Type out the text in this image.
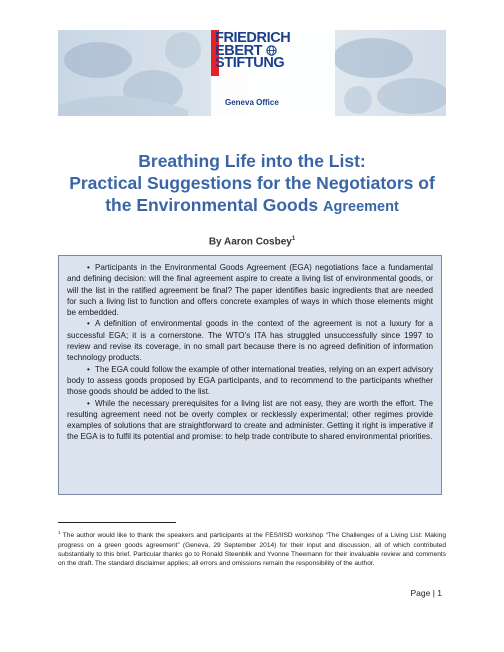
FRIEDRICH
EBERT
STIFTUNG
Geneva Office
Breathing Life into the List:
Practical Suggestions for the Negotiators of
the Environmental Goods Agreement
By Aaron Cosbey$^1$

• Participants in the Environmental Goods Agreement (EGA) negotiations face a fundamental and defining decision: will the final agreement aspire to create a living list of environmental goods, or will the list in the ratified agreement be final? The paper identifies basic ingredients that are needed for such a living list to function and offers concrete examples of ways in which those elements might be embedded.

• A definition of environmental goods in the context of the agreement is not a luxury for a successful EGA; it is a cornerstone. The WTO’s ITA has struggled unsuccessfully since 1997 to review and revise its coverage, in no small part because there is no agreed definition of information technology products.

• The EGA could follow the example of other international treaties, relying on an expert advisory body to assess goods proposed by EGA participants, and to recommend to the participants whether those goods should be added to the list.

• While the necessary prerequisites for a living list are not easy, they are worth the effort. The resulting agreement need not be overly complex or recklessly experimental; other regimes provide examples of solutions that are straightforward to create and administer. Getting it right is imperative if the EGA is to fulfil its potential and promise: to help trade contribute to shared environmental priorities.

$^1$ The author would like to thank the speakers and participants at the FES/IISD workshop “The Challenges of a Living List: Making progress on a green goods agreement” (Geneva, 29 September 2014) for their input and discussion, all of which contributed substantially to this brief. Particular thanks go to Ronald Steenblik and Yvonne Theemann for their invaluable review and comments on the draft. The standard disclaimer applies; all errors and omissions remain the responsibility of the author.
Page | 1
